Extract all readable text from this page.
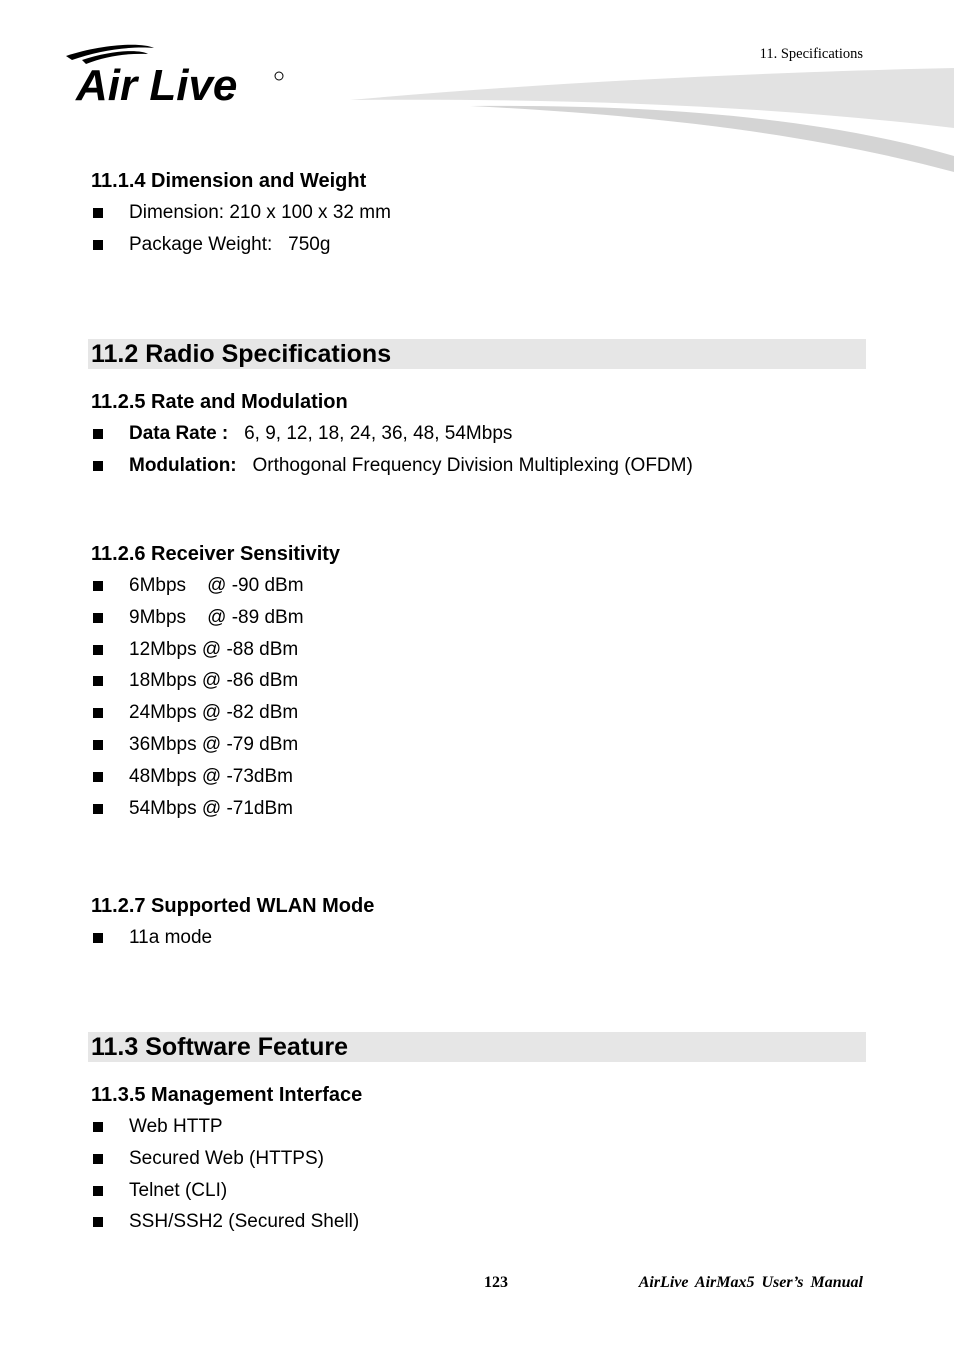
11. Specifications
Air Live
11.1.4 Dimension and Weight
Dimension: 210 x 100 x 32 mm
Package Weight:   750g
11.2 Radio Specifications
11.2.5 Rate and Modulation
Data Rate :   6, 9, 12, 18, 24, 36, 48, 54Mbps
Modulation:   Orthogonal Frequency Division Multiplexing (OFDM)
11.2.6 Receiver Sensitivity
6Mbps    @ -90 dBm
9Mbps    @ -89 dBm
12Mbps @ -88 dBm
18Mbps @ -86 dBm
24Mbps @ -82 dBm
36Mbps @ -79 dBm
48Mbps @ -73dBm
54Mbps @ -71dBm
11.2.7 Supported WLAN Mode
11a mode
11.3 Software Feature
11.3.5 Management Interface
Web HTTP
Secured Web (HTTPS)
Telnet (CLI)
SSH/SSH2 (Secured Shell)
123	AirLive AirMax5 User’s Manual
